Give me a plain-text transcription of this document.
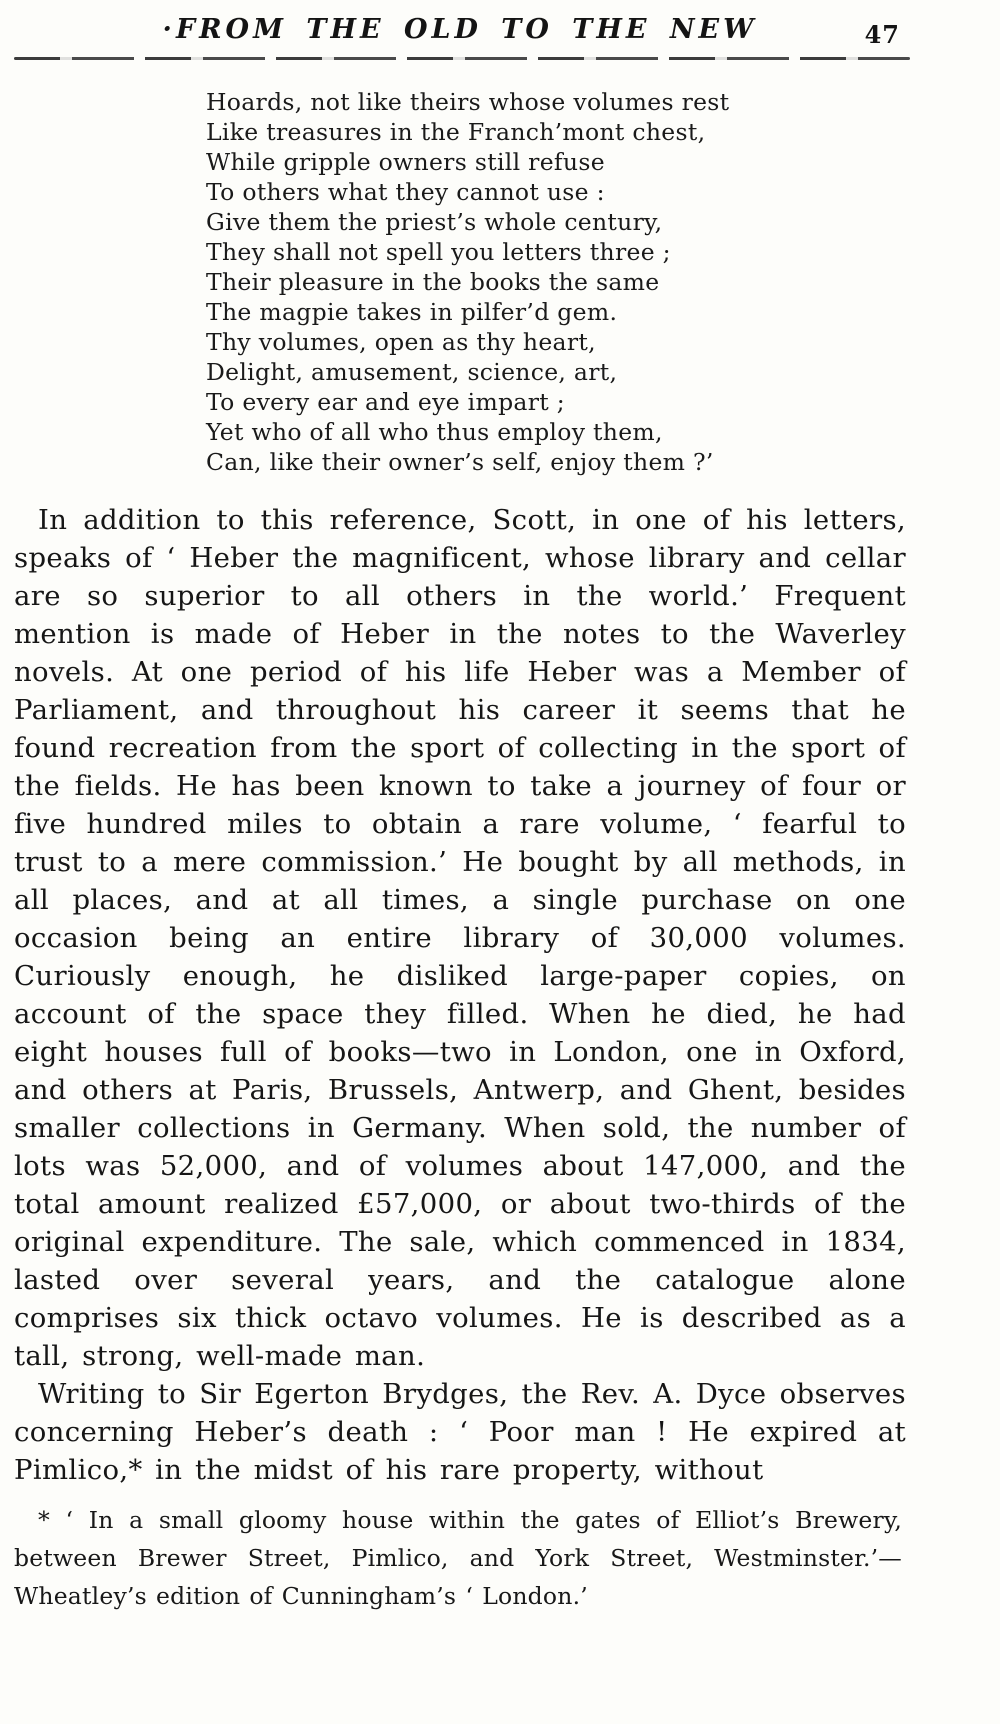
·FROM THE OLD TO THE NEW	47
Hoards, not like theirs whose volumes rest
Like treasures in the Franch’mont chest,
While gripple owners still refuse
To others what they cannot use :
Give them the priest’s whole century,
They shall not spell you letters three ;
Their pleasure in the books the same
The magpie takes in pilfer’d gem.
Thy volumes, open as thy heart,
Delight, amusement, science, art,
To every ear and eye impart ;
Yet who of all who thus employ them,
Can, like their owner’s self, enjoy them ?’

In addition to this reference, Scott, in one of his letters, speaks of ‘ Heber the magnificent, whose library and cellar are so superior to all others in the world.’ Frequent mention is made of Heber in the notes to the Waverley novels. At one period of his life Heber was a Member of Parliament, and throughout his career it seems that he found recreation from the sport of collecting in the sport of the fields. He has been known to take a journey of four or five hundred miles to obtain a rare volume, ‘ fearful to trust to a mere commission.’ He bought by all methods, in all places, and at all times, a single purchase on one occasion being an entire library of 30,000 volumes. Curiously enough, he disliked large-paper copies, on account of the space they filled. When he died, he had eight houses full of books—two in London, one in Oxford, and others at Paris, Brussels, Antwerp, and Ghent, besides smaller collections in Germany. When sold, the number of lots was 52,000, and of volumes about 147,000, and the total amount realized £57,000, or about two-thirds of the original expenditure. The sale, which commenced in 1834, lasted over several years, and the catalogue alone comprises six thick octavo volumes. He is described as a tall, strong, well-made man.

Writing to Sir Egerton Brydges, the Rev. A. Dyce observes concerning Heber’s death : ‘ Poor man ! He expired at Pimlico,* in the midst of his rare property, without

* ‘ In a small gloomy house within the gates of Elliot’s Brewery, between Brewer Street, Pimlico, and York Street, Westminster.’—Wheatley’s edition of Cunningham’s ‘ London.’
